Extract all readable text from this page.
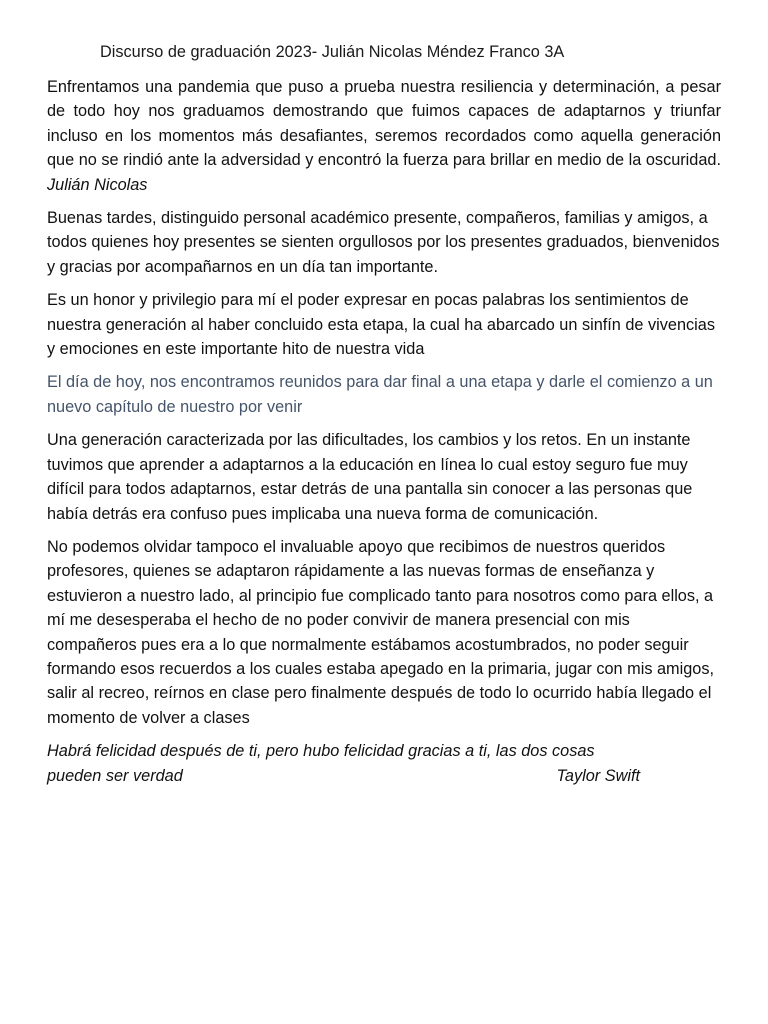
Discurso de graduación 2023- Julián Nicolas Méndez Franco 3A

Enfrentamos una pandemia que puso a prueba nuestra resiliencia y determinación, a pesar de todo hoy nos graduamos demostrando que fuimos capaces de adaptarnos y triunfar incluso en los momentos más desafiantes, seremos recordados como aquella generación que no se rindió ante la adversidad y encontró la fuerza para brillar en medio de la oscuridad.

Julián Nicolas

Buenas tardes, distinguido personal académico presente, compañeros, familias y amigos, a todos quienes hoy presentes se sienten orgullosos por los presentes graduados, bienvenidos y gracias por acompañarnos en un día tan importante.

Es un honor y privilegio para mí el poder expresar en pocas palabras los sentimientos de nuestra generación al haber concluido esta etapa, la cual ha abarcado un sinfín de vivencias y emociones en este importante hito de nuestra vida

El día de hoy, nos encontramos reunidos para dar final a una etapa y darle el comienzo a un nuevo capítulo de nuestro por venir

Una generación caracterizada por las dificultades, los cambios y los retos. En un instante tuvimos que aprender a adaptarnos a la educación en línea lo cual estoy seguro fue muy difícil para todos adaptarnos, estar detrás de una pantalla sin conocer a las personas que había detrás era confuso pues implicaba una nueva forma de comunicación.

No podemos olvidar tampoco el invaluable apoyo que recibimos de nuestros queridos profesores, quienes se adaptaron rápidamente a las nuevas formas de enseñanza y estuvieron a nuestro lado, al principio fue complicado tanto para nosotros como para ellos, a mí me desesperaba el hecho de no poder convivir de manera presencial con mis compañeros pues era a lo que normalmente estábamos acostumbrados, no poder seguir formando esos recuerdos a los cuales estaba apegado en la primaria, jugar con mis amigos, salir al recreo, reírnos en clase pero finalmente después de todo lo ocurrido había llegado el momento de volver a clases

Habrá felicidad después de ti, pero hubo felicidad gracias a ti, las dos cosas
pueden ser verdad	Taylor Swift
